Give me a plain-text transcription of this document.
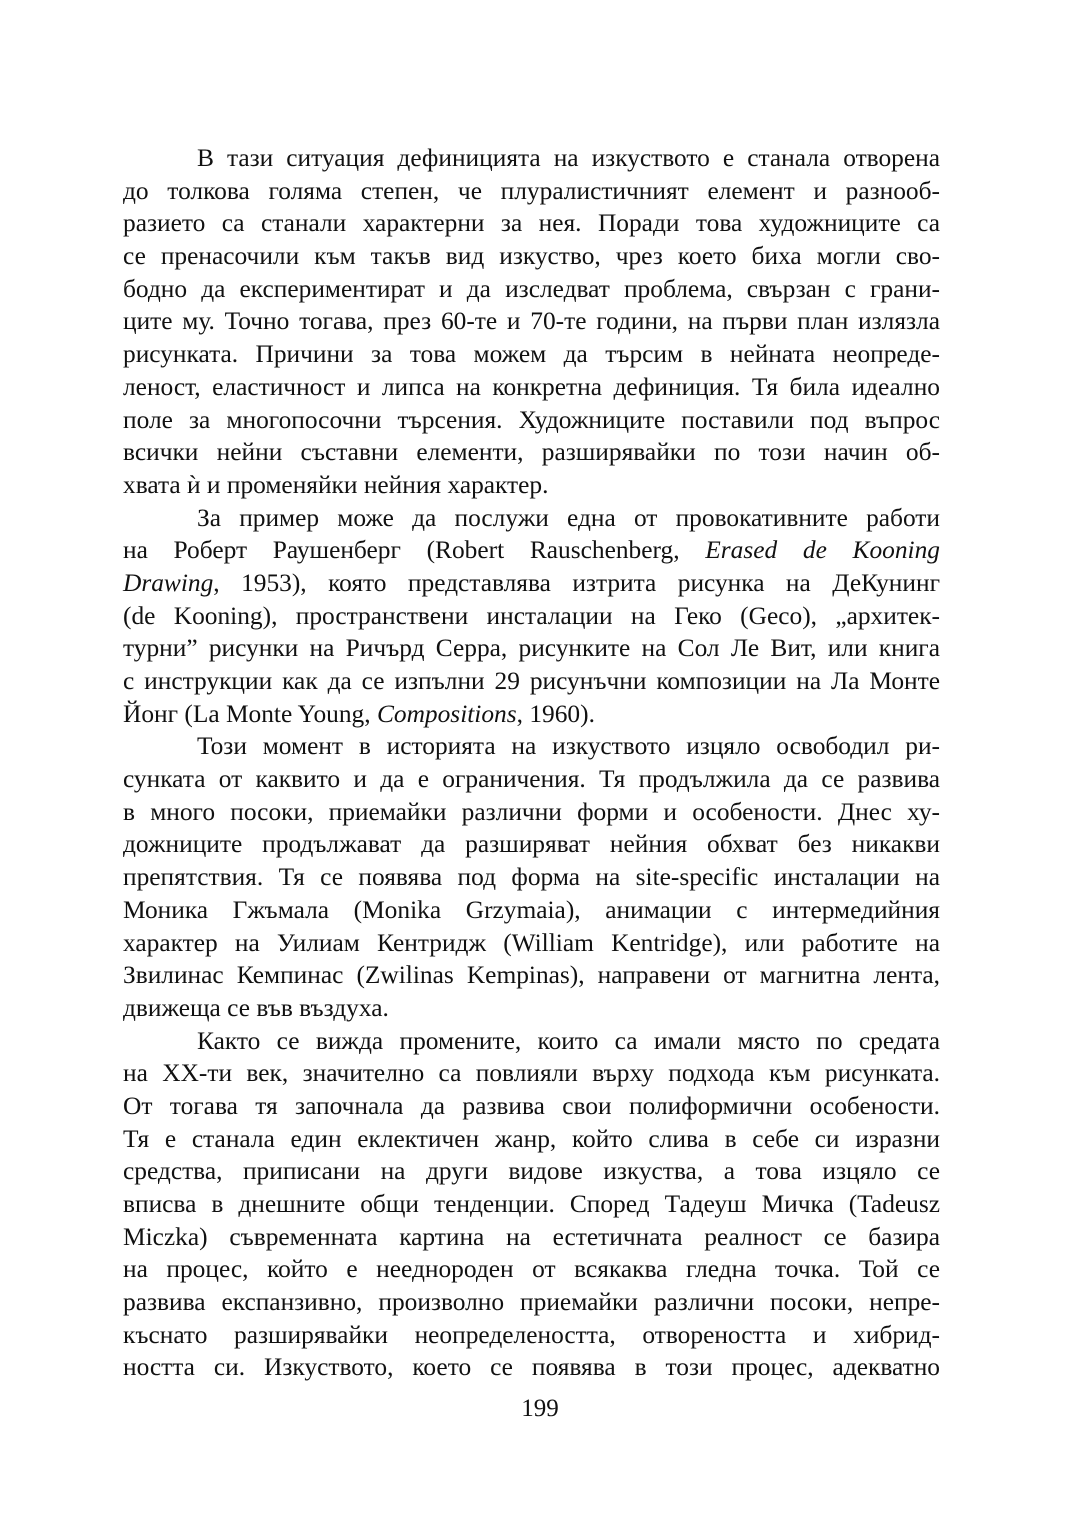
В тази ситуация дефиницията на изкуството е станала отворена
до толкова голяма степен, че плуралистичният елемент и разнооб-
разието са станали характерни за нея. Поради това художниците са
се пренасочили към такъв вид изкуство, чрез което биха могли сво-
бодно да експериментират и да изследват проблема, свързан с грани-
ците му. Точно тогава, през 60-те и 70-те години, на първи план излязла
рисунката. Причини за това можем да търсим в нейната неопреде-
леност, еластичност и липса на конкретна дефиниция. Тя била идеално
поле за многопосочни търсения. Художниците поставили под въпрос
всички нейни съставни елементи, разширявайки по този начин об-
хвата ѝ и променяйки нейния характер.
За пример може да послужи една от провокативните работи
на Роберт Раушенберг (Robert Rauschenberg, Erased de Kooning
Drawing, 1953), която представлява изтрита рисунка на ДеКунинг
(de Kooning), пространствени инсталации на Геко (Geco), „архитек-
турни” рисунки на Ричърд Серра, рисунките на Сол Ле Вит, или книга
с инструкции как да се изпълни 29 рисунъчни композиции на Ла Монте
Йонг (La Monte Young, Compositions, 1960).
Този момент в историята на изкуството изцяло освободил ри-
сунката от каквито и да е ограничения. Тя продължила да се развива
в много посоки, приемайки различни форми и особености. Днес ху-
дожниците продължават да разширяват нейния обхват без никакви
препятствия. Тя се появява под форма на site-specific инсталации на
Моника Гжъмала (Monika Grzymaia), анимации с интермедийния
характер на Уилиам Кентридж (William Kentridge), или работите на
Звилинас Кемпинас (Zwilinas Kempinas), направени от магнитна лента,
движеща се във въздуха.
Както се вижда промените, които са имали място по средата
на XX-ти век, значително са повлияли върху подхода към рисунката.
От тогава тя започнала да развива свои полиформични особености.
Тя е станала един еклектичен жанр, който слива в себе си изразни
средства, приписани на други видове изкуства, а това изцяло се
вписва в днешните общи тенденции. Според Тадеуш Мичка (Tadeusz
Miczka) съвременната картина на естетичната реалност се базира
на процес, който е нееднороден от всякаква гледна точка. Той се
развива експанзивно, произволно приемайки различни посоки, непре-
къснато разширявайки неопределеността, отвореността и хибрид-
ността си. Изкуството, което се появява в този процес, адекватно
199
